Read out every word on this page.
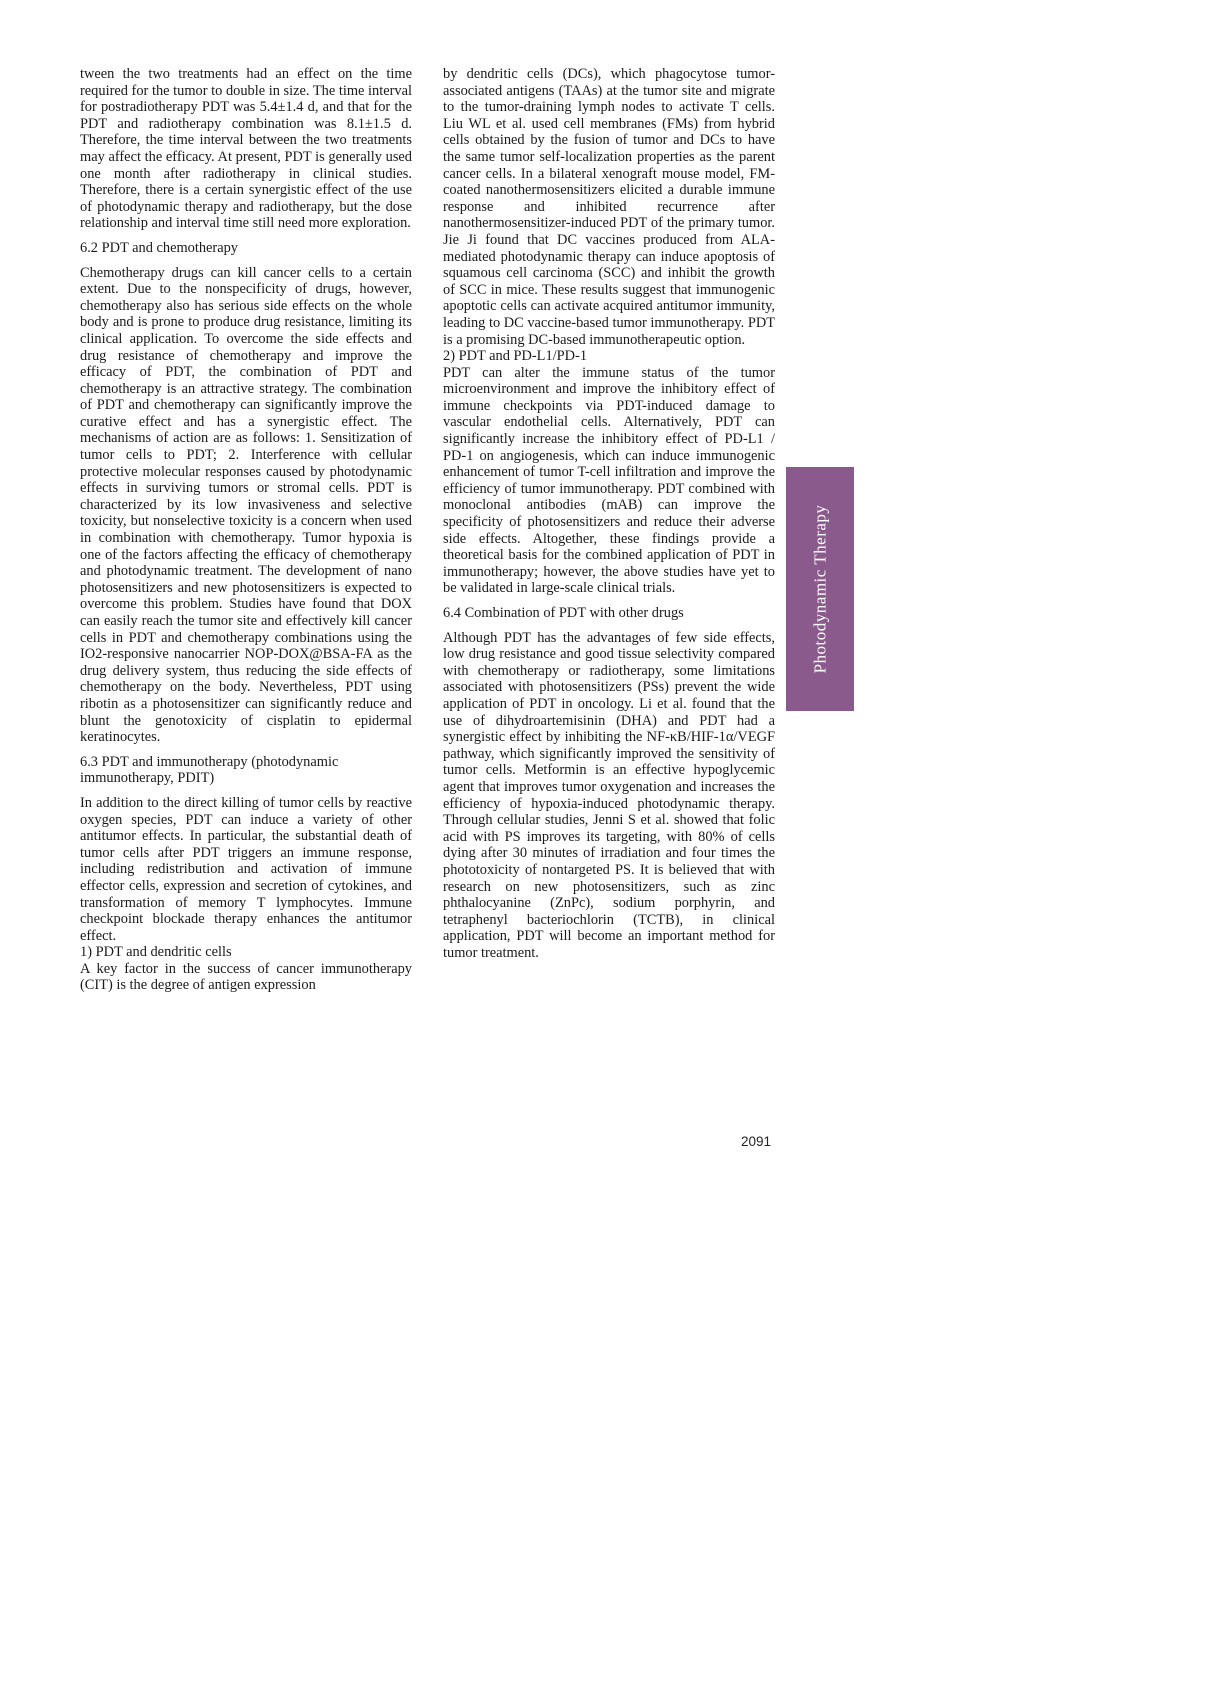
tween the two treatments had an effect on the time required for the tumor to double in size. The time interval for postradiotherapy PDT was 5.4±1.4 d, and that for the PDT and radiotherapy combination was 8.1±1.5 d. Therefore, the time interval between the two treatments may affect the efficacy. At present, PDT is generally used one month after radiotherapy in clinical studies. Therefore, there is a certain synergistic effect of the use of photodynamic therapy and radiotherapy, but the dose relationship and interval time still need more exploration.

6.2 PDT and chemotherapy

Chemotherapy drugs can kill cancer cells to a certain extent. Due to the nonspecificity of drugs, however, chemotherapy also has serious side effects on the whole body and is prone to produce drug resistance, limiting its clinical application. To overcome the side effects and drug resistance of chemotherapy and improve the efficacy of PDT, the combination of PDT and chemotherapy is an attractive strategy. The combination of PDT and chemotherapy can significantly improve the curative effect and has a synergistic effect. The mechanisms of action are as follows: 1. Sensitization of tumor cells to PDT; 2. Interference with cellular protective molecular responses caused by photodynamic effects in surviving tumors or stromal cells. PDT is characterized by its low invasiveness and selective toxicity, but nonselective toxicity is a concern when used in combination with chemotherapy. Tumor hypoxia is one of the factors affecting the efficacy of chemotherapy and photodynamic treatment. The development of nano photosensitizers and new photosensitizers is expected to overcome this problem. Studies have found that DOX can easily reach the tumor site and effectively kill cancer cells in PDT and chemotherapy combinations using the IO2-responsive nanocarrier NOP-DOX@BSA-FA as the drug delivery system, thus reducing the side effects of chemotherapy on the body. Nevertheless, PDT using ribotin as a photosensitizer can significantly reduce and blunt the genotoxicity of cisplatin to epidermal keratinocytes.

6.3 PDT and immunotherapy (photodynamic immunotherapy, PDIT)

In addition to the direct killing of tumor cells by reactive oxygen species, PDT can induce a variety of other antitumor effects. In particular, the substantial death of tumor cells after PDT triggers an immune response, including redistribution and activation of immune effector cells, expression and secretion of cytokines, and transformation of memory T lymphocytes. Immune checkpoint blockade therapy enhances the antitumor effect.

1) PDT and dendritic cells

A key factor in the success of cancer immunotherapy (CIT) is the degree of antigen expression

by dendritic cells (DCs), which phagocytose tumor-associated antigens (TAAs) at the tumor site and migrate to the tumor-draining lymph nodes to activate T cells. Liu WL et al. used cell membranes (FMs) from hybrid cells obtained by the fusion of tumor and DCs to have the same tumor self-localization properties as the parent cancer cells. In a bilateral xenograft mouse model, FM-coated nanothermosensitizers elicited a durable immune response and inhibited recurrence after nanothermosensitizer-induced PDT of the primary tumor. Jie Ji found that DC vaccines produced from ALA-mediated photodynamic therapy can induce apoptosis of squamous cell carcinoma (SCC) and inhibit the growth of SCC in mice. These results suggest that immunogenic apoptotic cells can activate acquired antitumor immunity, leading to DC vaccine-based tumor immunotherapy. PDT is a promising DC-based immunotherapeutic option.

2) PDT and PD-L1/PD-1

PDT can alter the immune status of the tumor microenvironment and improve the inhibitory effect of immune checkpoints via PDT-induced damage to vascular endothelial cells. Alternatively, PDT can significantly increase the inhibitory effect of PD-L1 / PD-1 on angiogenesis, which can induce immunogenic enhancement of tumor T-cell infiltration and improve the efficiency of tumor immunotherapy. PDT combined with monoclonal antibodies (mAB) can improve the specificity of photosensitizers and reduce their adverse side effects. Altogether, these findings provide a theoretical basis for the combined application of PDT in immunotherapy; however, the above studies have yet to be validated in large-scale clinical trials.

6.4 Combination of PDT with other drugs

Although PDT has the advantages of few side effects, low drug resistance and good tissue selectivity compared with chemotherapy or radiotherapy, some limitations associated with photosensitizers (PSs) prevent the wide application of PDT in oncology. Li et al. found that the use of dihydroartemisinin (DHA) and PDT had a synergistic effect by inhibiting the NF-κB/HIF-1α/VEGF pathway, which significantly improved the sensitivity of tumor cells. Metformin is an effective hypoglycemic agent that improves tumor oxygenation and increases the efficiency of hypoxia-induced photodynamic therapy. Through cellular studies, Jenni S et al. showed that folic acid with PS improves its targeting, with 80% of cells dying after 30 minutes of irradiation and four times the phototoxicity of nontargeted PS. It is believed that with research on new photosensitizers, such as zinc phthalocyanine (ZnPc), sodium porphyrin, and tetraphenyl bacteriochlorin (TCTB), in clinical application, PDT will become an important method for tumor treatment.

Photodynamic Therapy
2091
